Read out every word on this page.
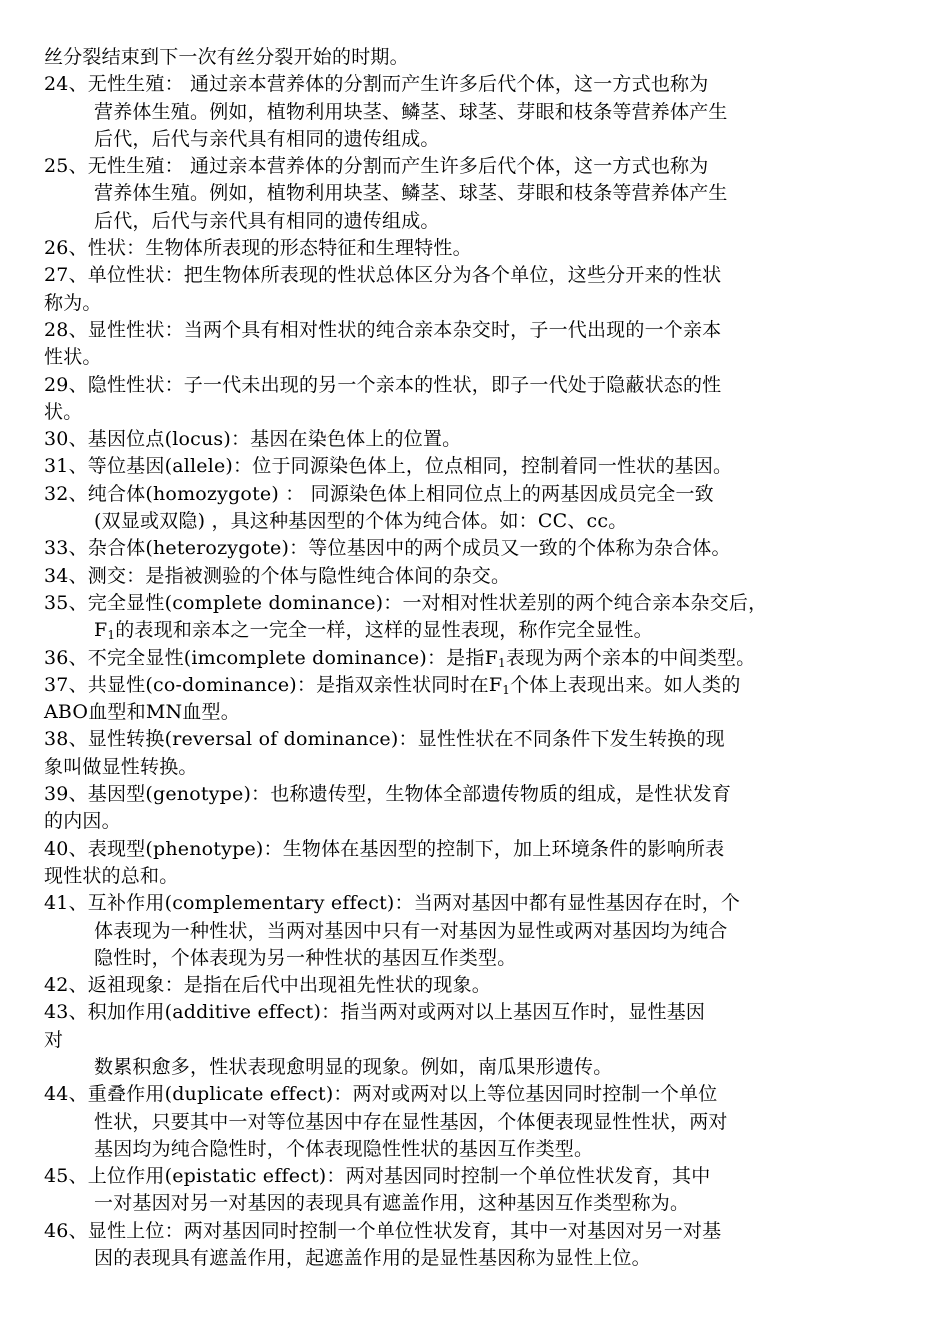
丝分裂结束到下一次有丝分裂开始的时期。
24、无性生殖： 通过亲本营养体的分割而产生许多后代个体，这一方式也称为
营养体生殖。例如，植物利用块茎、鳞茎、球茎、芽眼和枝条等营养体产生
后代，后代与亲代具有相同的遗传组成。
25、无性生殖： 通过亲本营养体的分割而产生许多后代个体，这一方式也称为
营养体生殖。例如，植物利用块茎、鳞茎、球茎、芽眼和枝条等营养体产生
后代，后代与亲代具有相同的遗传组成。
26、性状：生物体所表现的形态特征和生理特性。
27、单位性状：把生物体所表现的性状总体区分为各个单位，这些分开来的性状
称为。
28、显性性状：当两个具有相对性状的纯合亲本杂交时，子一代出现的一个亲本
性状。
29、隐性性状：子一代未出现的另一个亲本的性状，即子一代处于隐蔽状态的性
状。
30、基因位点(locus)：基因在染色体上的位置。
31、等位基因(allele)：位于同源染色体上，位点相同，控制着同一性状的基因。
32、纯合体(homozygote) ： 同源染色体上相同位点上的两基因成员完全一致
(双显或双隐) ，具这种基因型的个体为纯合体。如：CC、cc。
33、杂合体(heterozygote)：等位基因中的两个成员又一致的个体称为杂合体。
34、测交：是指被测验的个体与隐性纯合体间的杂交。
35、完全显性(complete dominance)：一对相对性状差别的两个纯合亲本杂交后，
$F_1$的表现和亲本之一完全一样，这样的显性表现，称作完全显性。
36、不完全显性(imcomplete dominance)：是指$F_1$表现为两个亲本的中间类型。
37、共显性(co-dominance)：是指双亲性状同时在$F_1$个体上表现出来。如人类的
ABO血型和MN血型。
38、显性转换(reversal of dominance)：显性性状在不同条件下发生转换的现
象叫做显性转换。
39、基因型(genotype)：也称遗传型，生物体全部遗传物质的组成，是性状发育
的内因。
40、表现型(phenotype)：生物体在基因型的控制下，加上环境条件的影响所表
现性状的总和。
41、互补作用(complementary effect)：当两对基因中都有显性基因存在时，个
体表现为一种性状，当两对基因中只有一对基因为显性或两对基因均为纯合
隐性时，个体表现为另一种性状的基因互作类型。
42、返祖现象：是指在后代中出现祖先性状的现象。
43、积加作用(additive effect)：指当两对或两对以上基因互作时，显性基因
对
数累积愈多，性状表现愈明显的现象。例如，南瓜果形遗传。
44、重叠作用(duplicate effect)：两对或两对以上等位基因同时控制一个单位
性状，只要其中一对等位基因中存在显性基因，个体便表现显性性状，两对
基因均为纯合隐性时，个体表现隐性性状的基因互作类型。
45、上位作用(epistatic effect)：两对基因同时控制一个单位性状发育，其中
一对基因对另一对基因的表现具有遮盖作用，这种基因互作类型称为。
46、显性上位：两对基因同时控制一个单位性状发育，其中一对基因对另一对基
因的表现具有遮盖作用，起遮盖作用的是显性基因称为显性上位。
